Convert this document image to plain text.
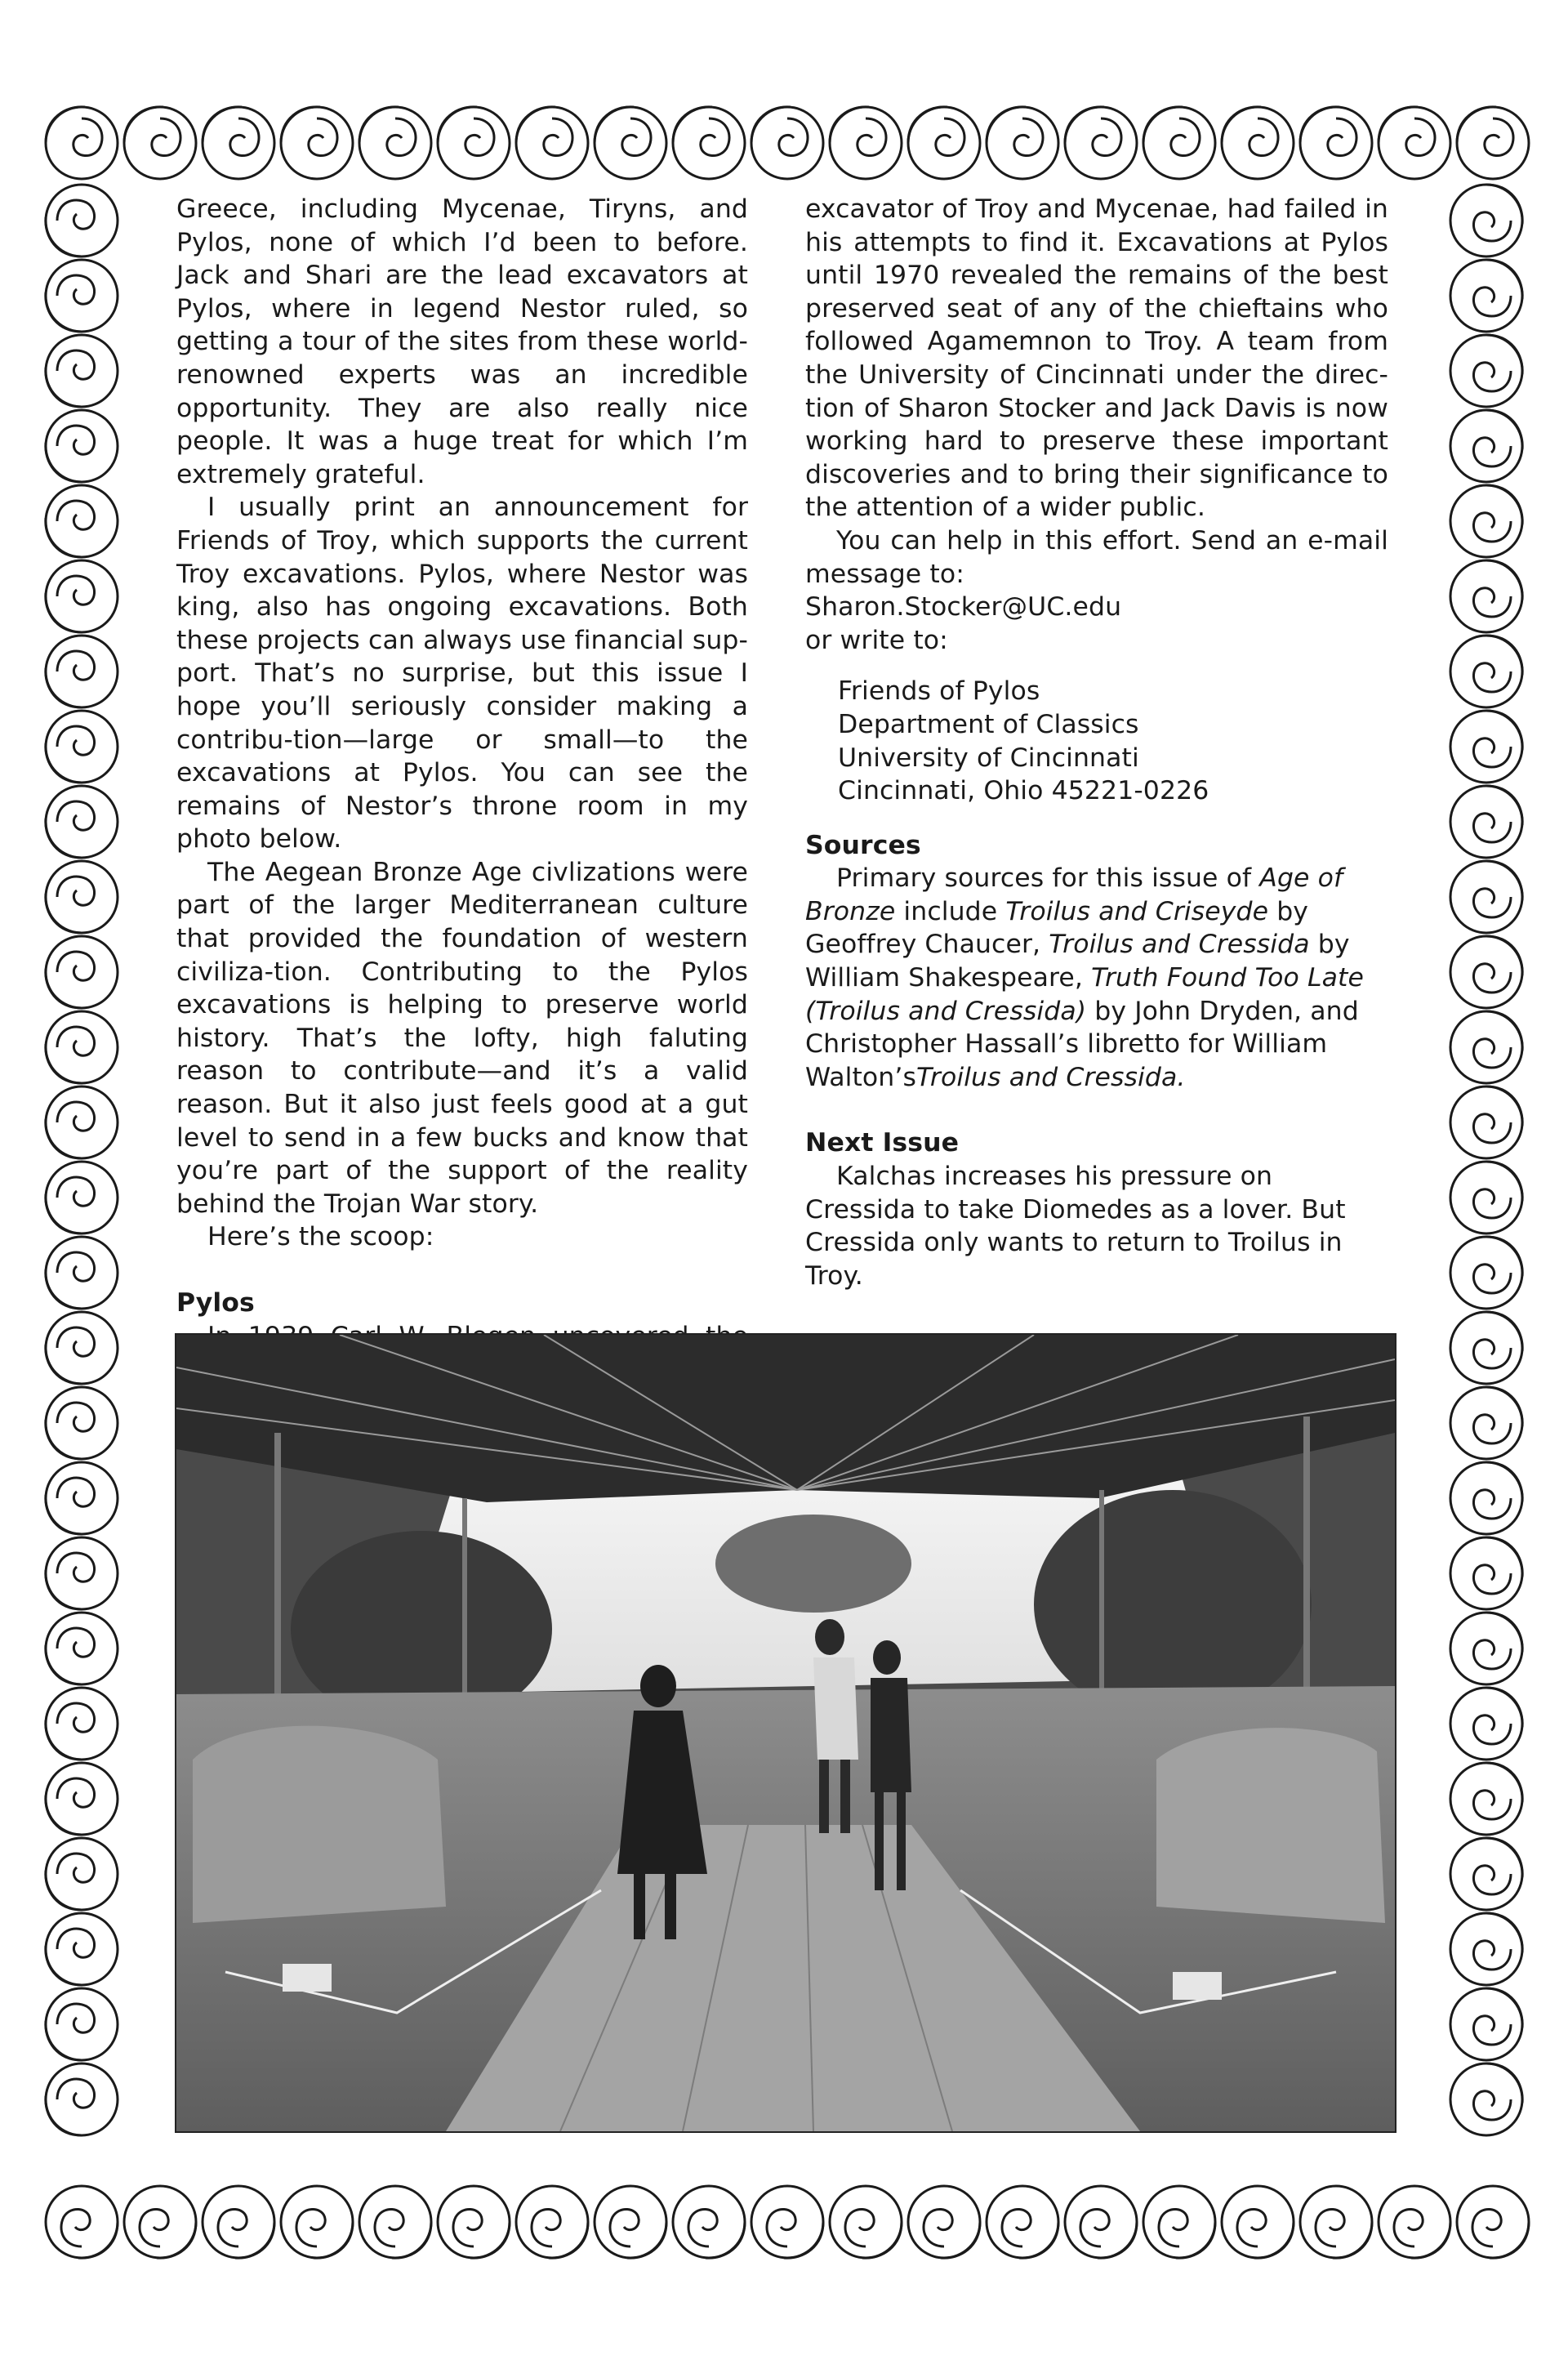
Greece, including Mycenae, Tiryns, and Pylos, none of which I’d been to before. Jack and Shari are the lead excavators at Pylos, where in legend Nestor ruled, so getting a tour of the sites from these world-renowned experts was an incredible opportunity. They are also really nice people. It was a huge treat for which I’m extremely grateful.

I usually print an announcement for Friends of Troy, which supports the current Troy excavations. Pylos, where Nestor was king, also has ongoing excavations. Both these projects can always use financial sup-port. That’s no surprise, but this issue I hope you’ll seriously consider making a contribu-tion—large or small—to the excavations at Pylos. You can see the remains of Nestor’s throne room in my photo below.

The Aegean Bronze Age civlizations were part of the larger Mediterranean culture that provided the foundation of western civiliza-tion. Contributing to the Pylos excavations is helping to preserve world history. That’s the lofty, high faluting reason to contribute—and it’s a valid reason. But it also just feels good at a gut level to send in a few bucks and know that you’re part of the support of the reality behind the Trojan War story.

Here’s the scoop:

Pylos

excavator of Troy and Mycenae, had failed in his attempts to find it. Excavations at Pylos until 1970 revealed the remains of the best preserved seat of any of the chieftains who followed Agamemnon to Troy. A team from the University of Cincinnati under the direc-tion of Sharon Stocker and Jack Davis is now working hard to preserve these important discoveries and to bring their significance to the attention of a wider public.

You can help in this effort. Send an e-mail message to:

Sharon.Stocker@UC.edu

or write to:

Friends of Pylos
Department of Classics
University of Cincinnati
Cincinnati, Ohio 45221-0226

Sources

Primary sources for this issue of Age of Bronze include Troilus and Criseyde by Geoffrey Chaucer, Troilus and Cressida by William Shakespeare, Truth Found Too Late (Troilus and Cressida) by John Dryden, and Christopher Hassall’s libretto for William Walton’sTroilus and Cressida.

Next Issue

Kalchas increases his pressure on Cressida to take Diomedes as a lover. But Cressida only wants to return to Troilus in Troy.
